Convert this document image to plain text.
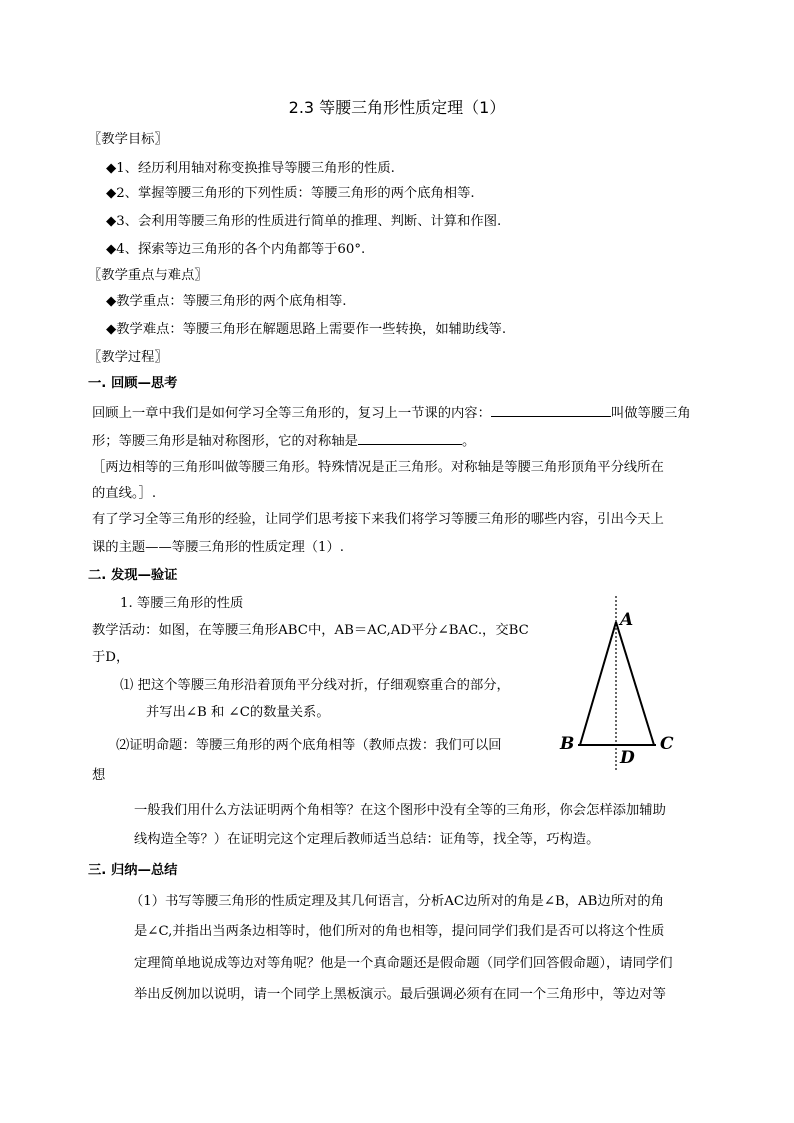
2.3 等腰三角形性质定理（1）
〖教学目标〗
◆1、经历利用轴对称变换推导等腰三角形的性质.
◆2、掌握等腰三角形的下列性质：等腰三角形的两个底角相等.
◆3、会利用等腰三角形的性质进行简单的推理、判断、计算和作图.
◆4、探索等边三角形的各个内角都等于60°.
〖教学重点与难点〗
◆教学重点：等腰三角形的两个底角相等.
◆教学难点：等腰三角形在解题思路上需要作一些转换，如辅助线等.
〖教学过程〗
一. 回顾—思考
回顾上一章中我们是如何学习全等三角形的，复习上一节课的内容：	叫做等腰三角
形；等腰三角形是轴对称图形，它的对称轴是	。
［两边相等的三角形叫做等腰三角形。特殊情况是正三角形。对称轴是等腰三角形顶角平分线所在
的直线。］.
有了学习全等三角形的经验，让同学们思考接下来我们将学习等腰三角形的哪些内容，引出今天上
课的主题——等腰三角形的性质定理（1）.
二. 发现—验证
1. 等腰三角形的性质
教学活动：如图，在等腰三角形ABC中，AB＝AC,AD平分∠BAC.，交BC
于D，
⑴ 把这个等腰三角形沿着顶角平分线对折，仔细观察重合的部分，
并写出∠B 和 ∠C的数量关系。
⑵证明命题：等腰三角形的两个底角相等（教师点拨：我们可以回
想
一般我们用什么方法证明两个角相等？在这个图形中没有全等的三角形，你会怎样添加辅助
线构造全等？）在证明完这个定理后教师适当总结：证角等，找全等，巧构造。
三. 归纳—总结
（1）书写等腰三角形的性质定理及其几何语言，分析AC边所对的角是∠B，AB边所对的角
是∠C,并指出当两条边相等时，他们所对的角也相等，提问同学们我们是否可以将这个性质
定理简单地说成等边对等角呢？他是一个真命题还是假命题（同学们回答假命题），请同学们
举出反例加以说明，请一个同学上黑板演示。最后强调必须有在同一个三角形中，等边对等
A
B	C
D
